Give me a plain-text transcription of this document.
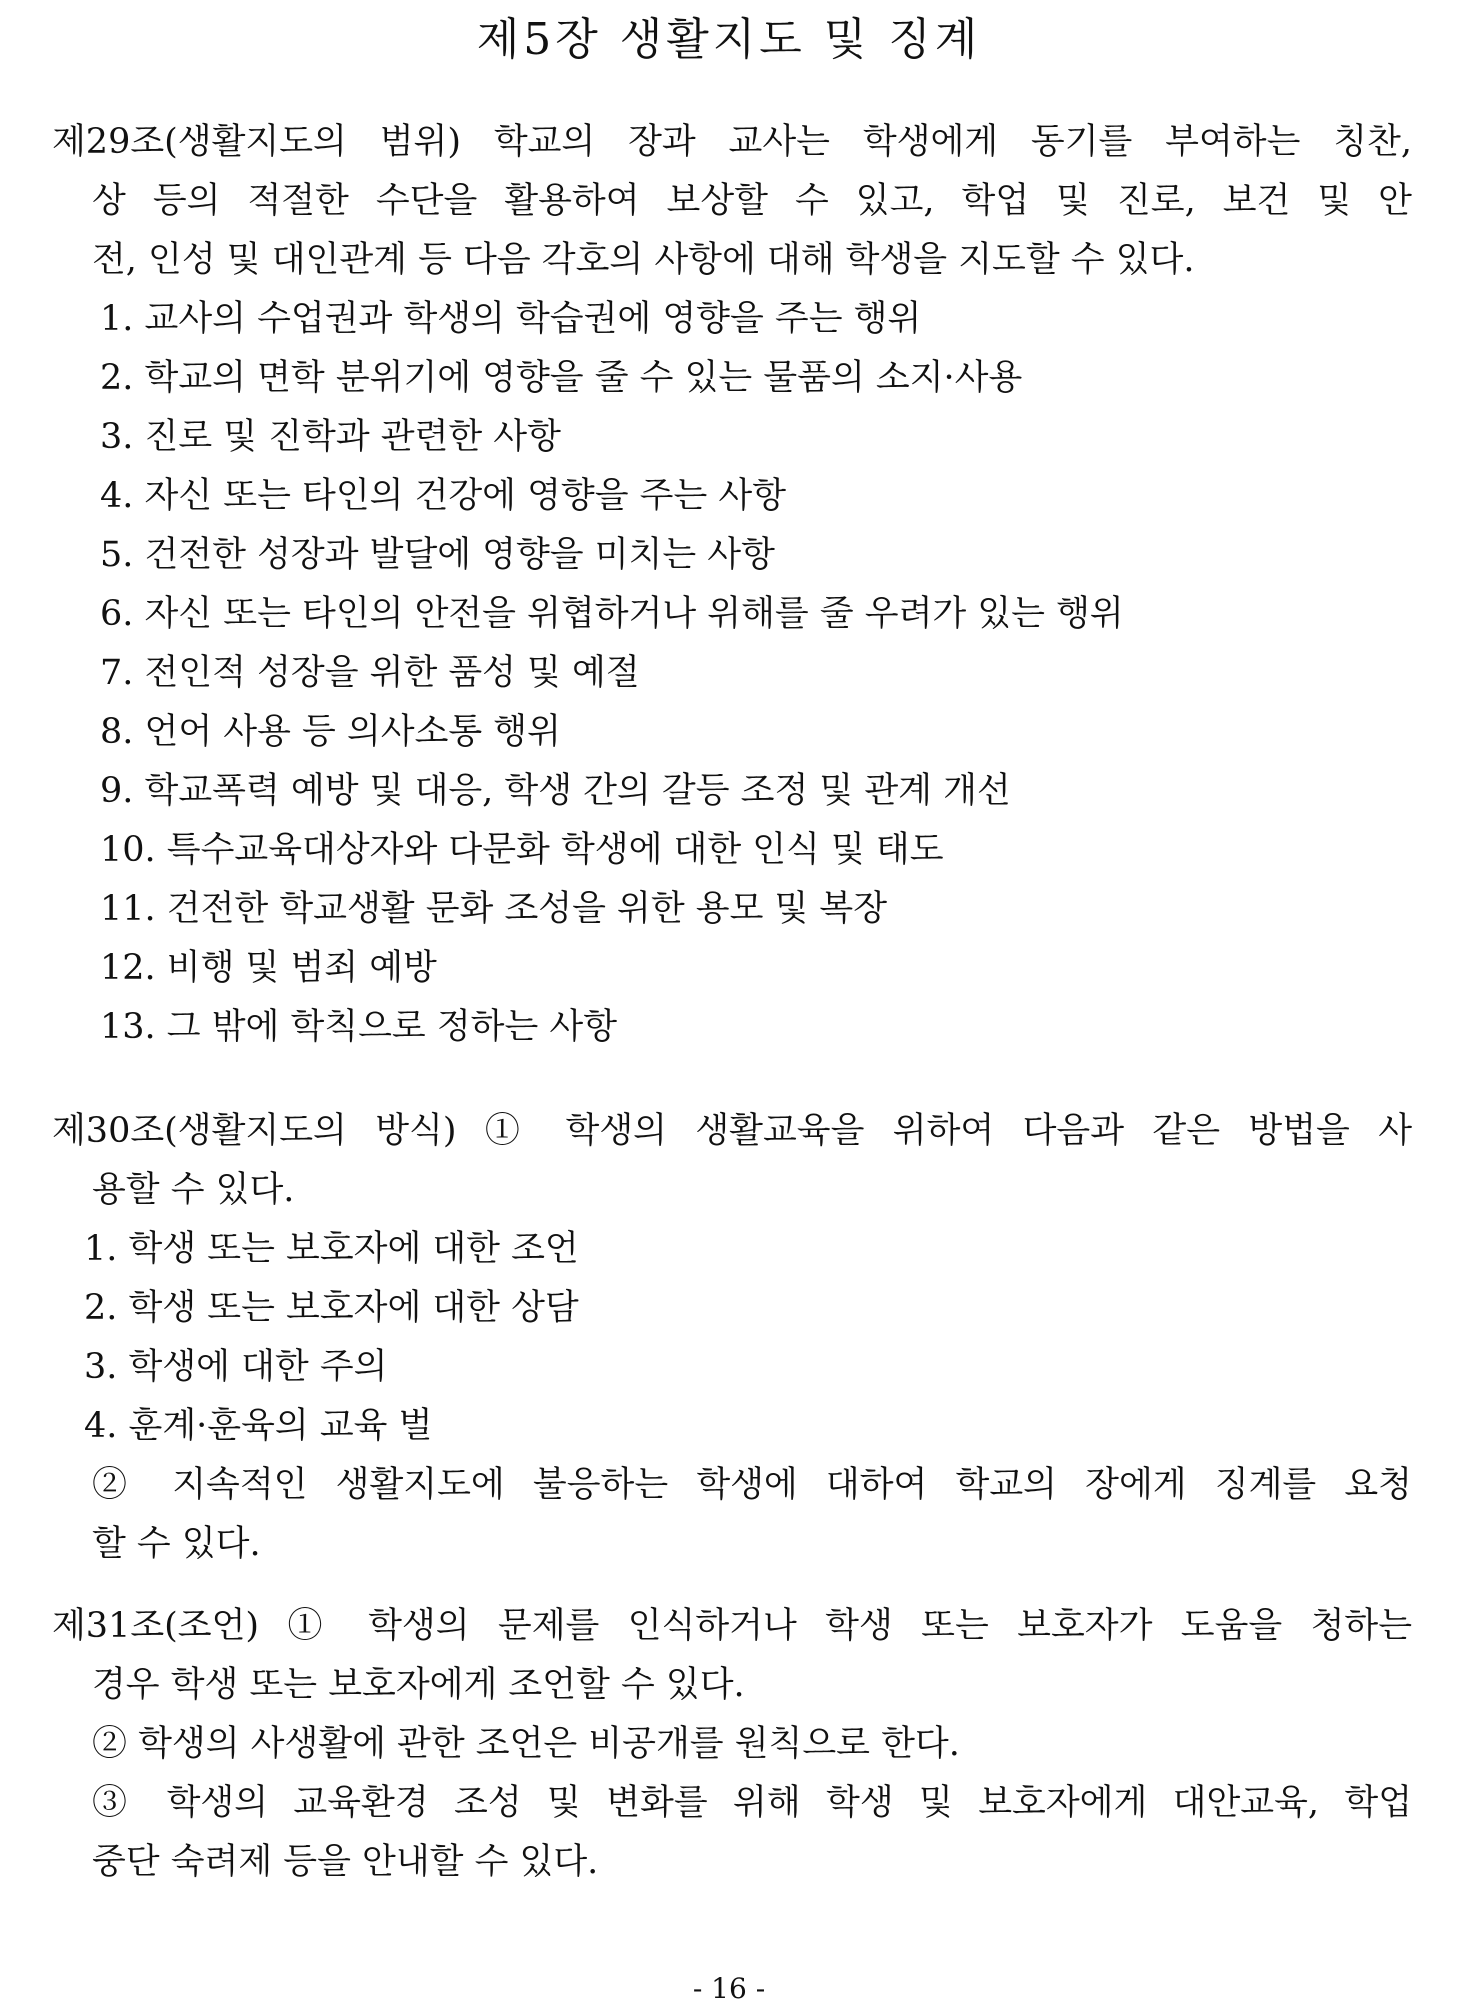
제5장 생활지도 및 징계

제29조(생활지도의 범위) 학교의 장과 교사는 학생에게 동기를 부여하는 칭찬,

상 등의 적절한 수단을 활용하여 보상할 수 있고, 학업 및 진로, 보건 및 안

전, 인성 및 대인관계 등 다음 각호의 사항에 대해 학생을 지도할 수 있다.

1. 교사의 수업권과 학생의 학습권에 영향을 주는 행위

2. 학교의 면학 분위기에 영향을 줄 수 있는 물품의 소지·사용

3. 진로 및 진학과 관련한 사항

4. 자신 또는 타인의 건강에 영향을 주는 사항

5. 건전한 성장과 발달에 영향을 미치는 사항

6. 자신 또는 타인의 안전을 위협하거나 위해를 줄 우려가 있는 행위

7. 전인적 성장을 위한 품성 및 예절

8. 언어 사용 등 의사소통 행위

9. 학교폭력 예방 및 대응, 학생 간의 갈등 조정 및 관계 개선

10. 특수교육대상자와 다문화 학생에 대한 인식 및 태도

11. 건전한 학교생활 문화 조성을 위한 용모 및 복장

12. 비행 및 범죄 예방

13. 그 밖에 학칙으로 정하는 사항

제30조(생활지도의 방식) ① 학생의 생활교육을 위하여 다음과 같은 방법을 사

용할 수 있다.

1. 학생 또는 보호자에 대한 조언

2. 학생 또는 보호자에 대한 상담

3. 학생에 대한 주의

4. 훈계·훈육의 교육 벌

② 지속적인 생활지도에 불응하는 학생에 대하여 학교의 장에게 징계를 요청

할 수 있다.

제31조(조언) ① 학생의 문제를 인식하거나 학생 또는 보호자가 도움을 청하는

경우 학생 또는 보호자에게 조언할 수 있다.

② 학생의 사생활에 관한 조언은 비공개를 원칙으로 한다.

③ 학생의 교육환경 조성 및 변화를 위해 학생 및 보호자에게 대안교육, 학업

중단 숙려제 등을 안내할 수 있다.

- 16 -
